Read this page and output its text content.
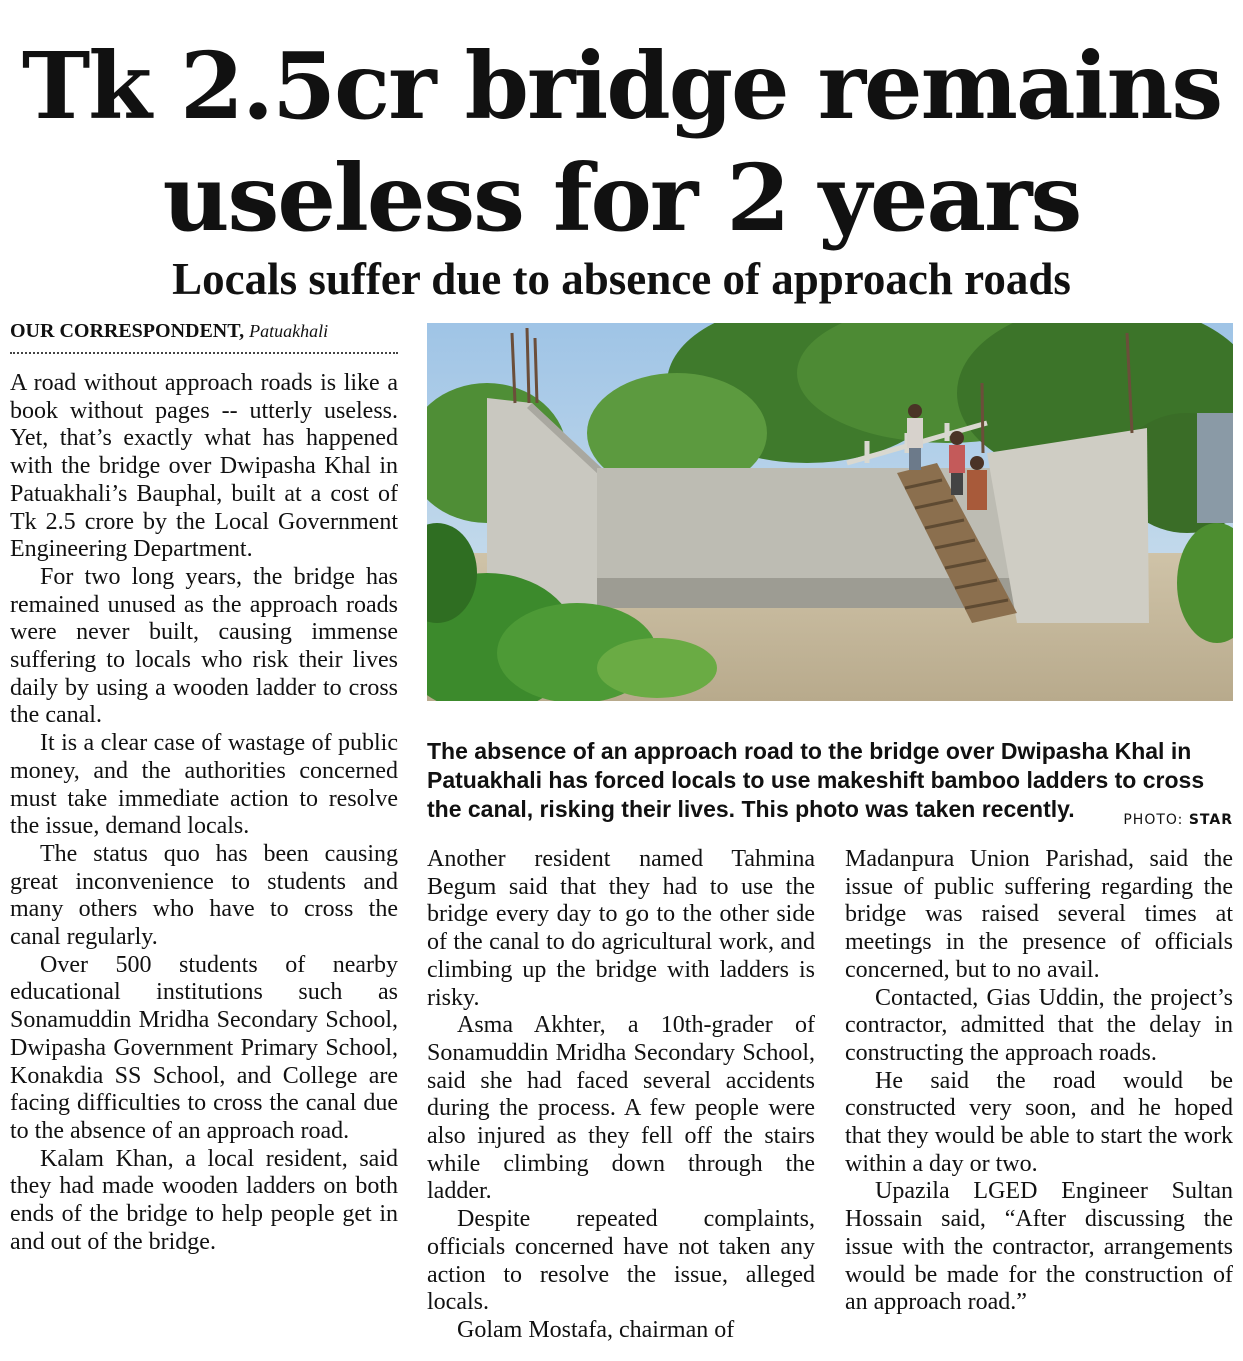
Tk 2.5cr bridge remains
useless for 2 years
Locals suffer due to absence of approach roads
OUR CORRESPONDENT, Patuakhali

A road without approach roads is like a book without pages -- utterly useless. Yet, that’s exactly what has happened with the bridge over Dwipasha Khal in Patuakhali’s Bauphal, built at a cost of Tk 2.5 crore by the Local Government Engineering Department.

For two long years, the bridge has remained unused as the approach roads were never built, causing immense suffering to locals who risk their lives daily by using a wooden ladder to cross the canal.

It is a clear case of wastage of public money, and the authorities concerned must take immediate action to resolve the issue, demand locals.

The status quo has been causing great inconvenience to students and many others who have to cross the canal regularly.

Over 500 students of nearby educational institutions such as Sonamuddin Mridha Secondary School, Dwipasha Government Primary School, Konakdia SS School, and College are facing difficulties to cross the canal due to the absence of an approach road.

Kalam Khan, a local resident, said they had made wooden ladders on both ends of the bridge to help people get in and out of the bridge.

The absence of an approach road to the bridge over Dwipasha Khal in Patuakhali has forced locals to use makeshift bamboo ladders to cross the canal, risking their lives. This photo was taken recently.	PHOTO: STAR

Another resident named Tahmina Begum said that they had to use the bridge every day to go to the other side of the canal to do agricultural work, and climbing up the bridge with ladders is risky.

Asma Akhter, a 10th-grader of Sonamuddin Mridha Secondary School, said she had faced several accidents during the process. A few people were also injured as they fell off the stairs while climbing down through the ladder.

Despite repeated complaints, officials concerned have not taken any action to resolve the issue, alleged locals.

Golam Mostafa, chairman of

Madanpura Union Parishad, said the issue of public suffering regarding the bridge was raised several times at meetings in the presence of officials concerned, but to no avail.

Contacted, Gias Uddin, the project’s contractor, admitted that the delay in constructing the approach roads.

He said the road would be constructed very soon, and he hoped that they would be able to start the work within a day or two.

Upazila LGED Engineer Sultan Hossain said, “After discussing the issue with the contractor, arrangements would be made for the construction of an approach road.”
